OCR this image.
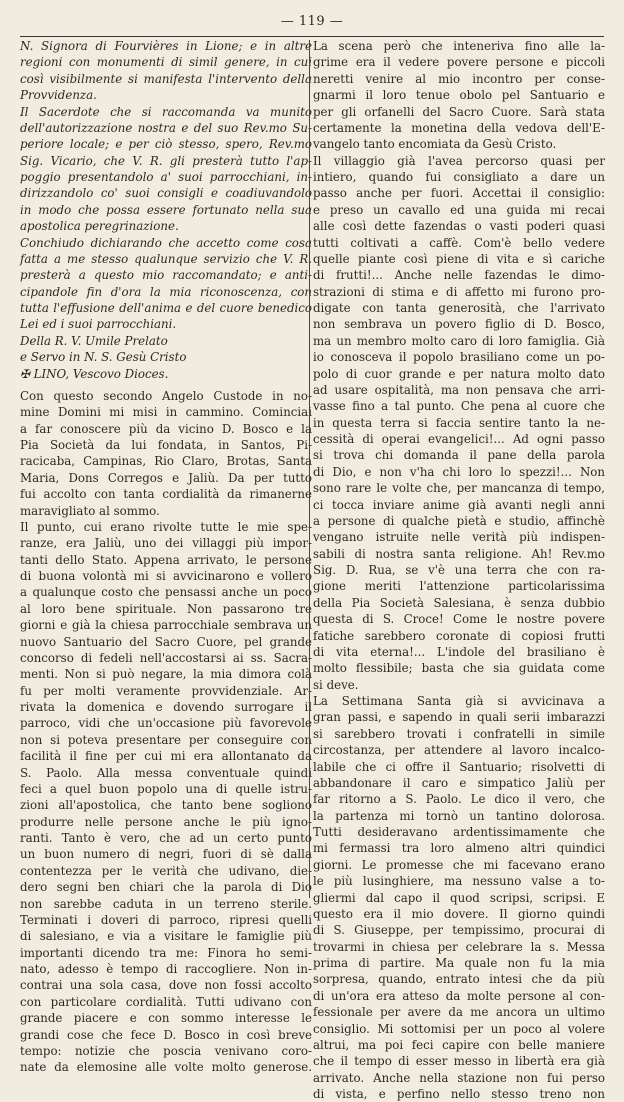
— 119 —
N. Signora di Fourvières in Lione; e in altre
regioni con monumenti di simil genere, in cui
così visibilmente si manifesta l'intervento della
Provvidenza.
Il Sacerdote che si raccomanda va munito
dell'autorizzazione nostra e del suo Rev.mo Su-
periore locale; e per ciò stesso, spero, Rev.mo
Sig. Vicario, che V. R. gli presterà tutto l'ap-
poggio presentandolo a' suoi parrocchiani, in-
dirizzandolo co' suoi consigli e coadiuvandolo
in modo che possa essere fortunato nella sua
apostolica peregrinazione.
Conchiudo dichiarando che accetto come cosa
fatta a me stesso qualunque servizio che V. R.
presterà a questo mio raccomandato; e anti-
cipandole fin d'ora la mia riconoscenza, con
tutta l'effusione dell'anima e del cuore benedico
Lei ed i suoi parrocchiani.
Della R. V. Umile Prelato
e Servo in N. S. Gesù Cristo
✠ LINO, Vescovo Dioces.
Con questo secondo Angelo Custode in no-
mine Domini mi misi in cammino. Cominciai
a far conoscere più da vicino D. Bosco e la
Pia Società da lui fondata, in Santos, Pi-
racicaba, Campinas, Rio Claro, Brotas, Santa
Maria, Dons Corregos e Jaliù. Da per tutto
fui accolto con tanta cordialità da rimanerne
maravigliato al sommo.
Il punto, cui erano rivolte tutte le mie spe-
ranze, era Jaliù, uno dei villaggi più impor-
tanti dello Stato. Appena arrivato, le persone
di buona volontà mi si avvicinarono e vollero
a qualunque costo che pensassi anche un poco
al loro bene spirituale. Non passarono tre
giorni e già la chiesa parrocchiale sembrava un
nuovo Santuario del Sacro Cuore, pel grande
concorso di fedeli nell'accostarsi ai ss. Sacra-
menti. Non si può negare, la mia dimora colà
fu per molti veramente provvidenziale. Ar-
rivata la domenica e dovendo surrogare il
parroco, vidi che un'occasione più favorevole
non si poteva presentare per conseguire con
facilità il fine per cui mi era allontanato da
S. Paolo. Alla messa conventuale quindi
feci a quel buon popolo una di quelle istru-
zioni all'apostolica, che tanto bene sogliono
produrre nelle persone anche le più igno-
ranti. Tanto è vero, che ad un certo punto
un buon numero di negri, fuori di sè dalla
contentezza per le verità che udivano, die-
dero segni ben chiari che la parola di Dio
non sarebbe caduta in un terreno sterile.
Terminati i doveri di parroco, ripresi quelli
di salesiano, e via a visitare le famiglie più
importanti dicendo tra me: Finora ho semi-
nato, adesso è tempo di raccogliere. Non in-
contrai una sola casa, dove non fossi accolto
con particolare cordialità. Tutti udivano con
grande piacere e con sommo interesse le
grandi cose che fece D. Bosco in così breve
tempo: notizie che poscia venivano coro-
nate da elemosine alle volte molto generose.
La scena però che inteneriva fino alle la-
grime era il vedere povere persone e piccoli
neretti venire al mio incontro per conse-
gnarmi il loro tenue obolo pel Santuario e
per gli orfanelli del Sacro Cuore. Sarà stata
certamente la monetina della vedova dell'E-
vangelo tanto encomiata da Gesù Cristo.
Il villaggio già l'avea percorso quasi per
intiero, quando fui consigliato a dare un
passo anche per fuori. Accettai il consiglio:
e preso un cavallo ed una guida mi recai
alle così dette fazendas o vasti poderi quasi
tutti coltivati a caffè. Com'è bello vedere
quelle piante così piene di vita e sì cariche
di frutti!... Anche nelle fazendas le dimo-
strazioni di stima e di affetto mi furono pro-
digate con tanta generosità, che l'arrivato
non sembrava un povero figlio di D. Bosco,
ma un membro molto caro di loro famiglia. Già
io conosceva il popolo brasiliano come un po-
polo di cuor grande e per natura molto dato
ad usare ospitalità, ma non pensava che arri-
vasse fino a tal punto. Che pena al cuore che
in questa terra si faccia sentire tanto la ne-
cessità di operai evangelici!... Ad ogni passo
si trova chi domanda il pane della parola
di Dio, e non v'ha chi loro lo spezzi!... Non
sono rare le volte che, per mancanza di tempo,
ci tocca inviare anime già avanti negli anni
a persone di qualche pietà e studio, affinchè
vengano istruite nelle verità più indispen-
sabili di nostra santa religione. Ah! Rev.mo
Sig. D. Rua, se v'è una terra che con ra-
gione meriti l'attenzione particolarissima
della Pia Società Salesiana, è senza dubbio
questa di S. Croce! Come le nostre povere
fatiche sarebbero coronate di copiosi frutti
di vita eterna!... L'indole del brasiliano è
molto flessibile; basta che sia guidata come
si deve.
La Settimana Santa già si avvicinava a
gran passi, e sapendo in quali serii imbarazzi
si sarebbero trovati i confratelli in simile
circostanza, per attendere al lavoro incalco-
labile che ci offre il Santuario; risolvetti di
abbandonare il caro e simpatico Jaliù per
far ritorno a S. Paolo. Le dico il vero, che
la partenza mi tornò un tantino dolorosa.
Tutti desideravano ardentissimamente che
mi fermassi tra loro almeno altri quindici
giorni. Le promesse che mi facevano erano
le più lusinghiere, ma nessuno valse a to-
gliermi dal capo il quod scripsi, scripsi. E
questo era il mio dovere. Il giorno quindi
di S. Giuseppe, per tempissimo, procurai di
trovarmi in chiesa per celebrare la s. Messa
prima di partire. Ma quale non fu la mia
sorpresa, quando, entrato intesi che da più
di un'ora era atteso da molte persone al con-
fessionale per avere da me ancora un ultimo
consiglio. Mi sottomisi per un poco al volere
altrui, ma poi feci capire con belle maniere
che il tempo di esser messo in libertà era già
arrivato. Anche nella stazione non fui perso
di vista, e perfino nello stesso treno non
